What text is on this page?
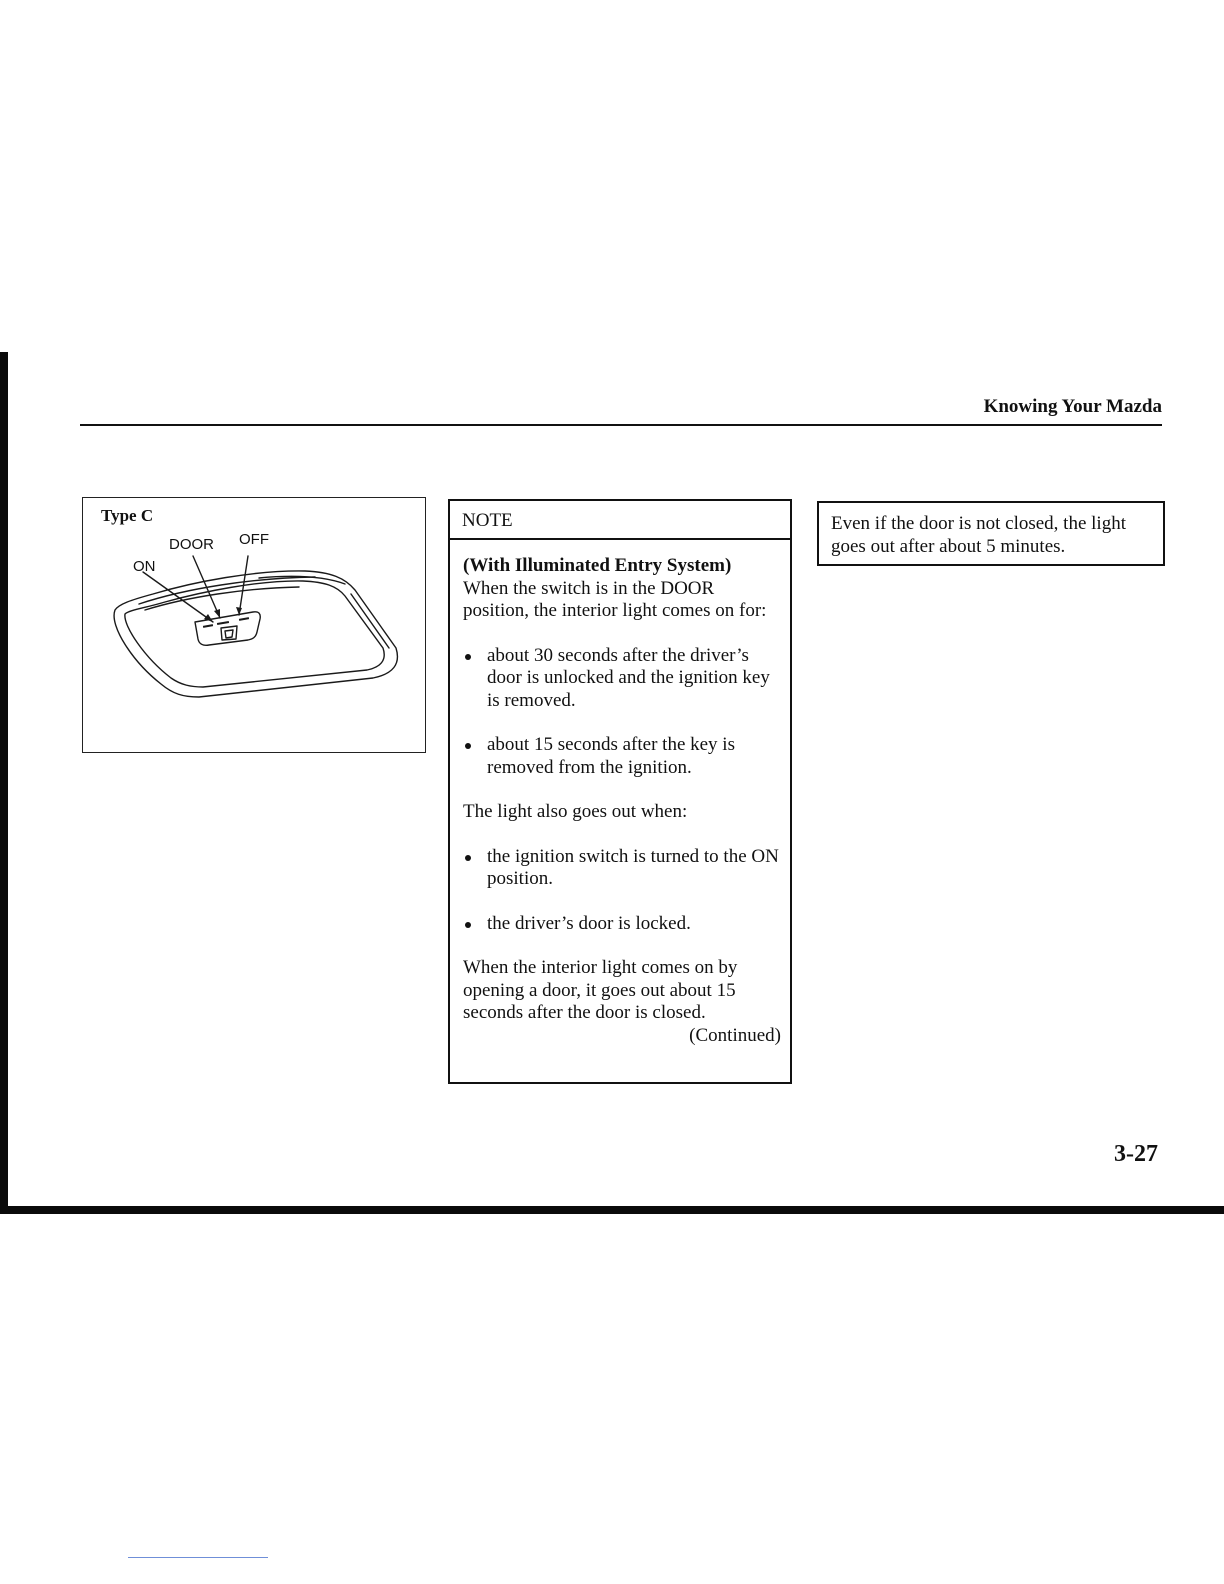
Knowing Your Mazda
Type C
ON
DOOR OFF
NOTE

(With Illuminated Entry System)

When the switch is in the DOOR position, the interior light comes on for:

about 30 seconds after the driver’s door is unlocked and the ignition key is removed.
about 15 seconds after the key is removed from the ignition.

The light also goes out when:

the ignition switch is turned to the ON position.
the driver’s door is locked.

When the interior light comes on by opening a door, it goes out about 15 seconds after the door is closed.

(Continued)

Even if the door is not closed, the light goes out after about 5 minutes.
3-27
